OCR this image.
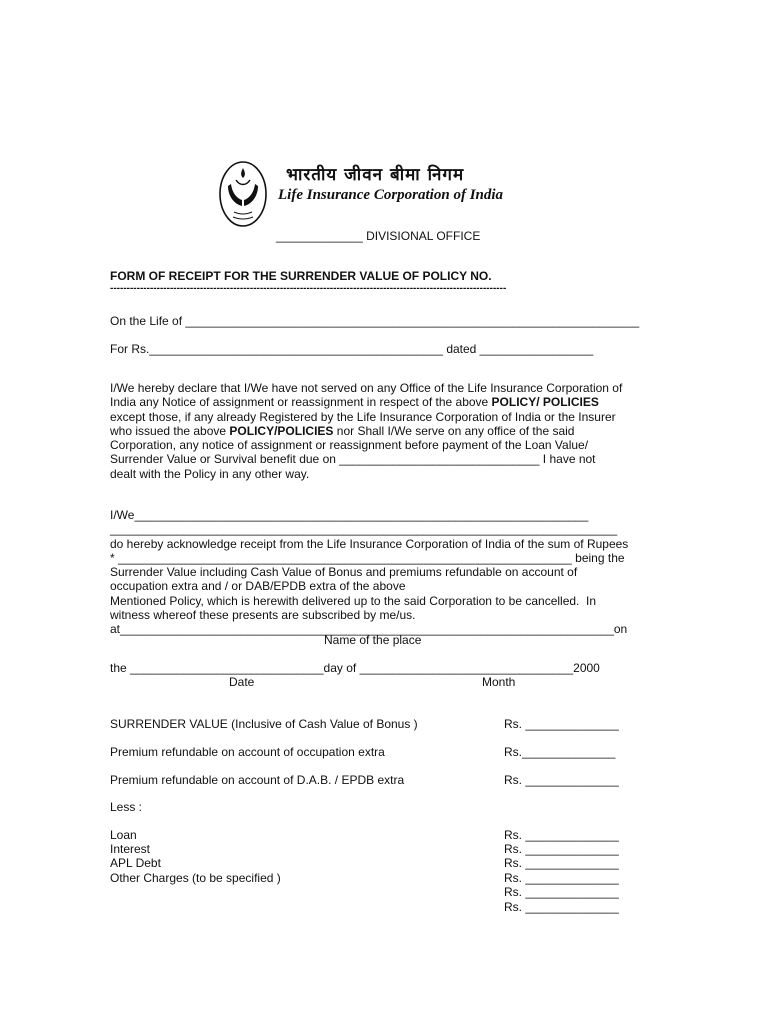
भारतीय जीवन बीमा निगम
Life Insurance Corporation of India
_____________ DIVISIONAL OFFICE
FORM OF RECEIPT FOR THE SURRENDER VALUE OF POLICY NO.
-----------------------------------------------------------------------------------------------------------------------
On the Life of ____________________________________________________________________
For Rs.____________________________________________ dated _________________
I/We hereby declare that I/We have not served on any Office of the Life Insurance Corporation of
India any Notice of assignment or reassignment in respect of the above POLICY/ POLICIES
except those, if any already Registered by the Life Insurance Corporation of India or the Insurer
who issued the above POLICY/POLICIES nor Shall I/We serve on any office of the said
Corporation, any notice of assignment or reassignment before payment of the Loan Value/
Surrender Value or Survival benefit due on ______________________________ I have not
dealt with the Policy in any other way.
I/We____________________________________________________________________
____________________________________________________________________________
do hereby acknowledge receipt from the Life Insurance Corporation of India of the sum of Rupees
* ____________________________________________________________________ being the
Surrender Value including Cash Value of Bonus and premiums refundable on account of
occupation extra and / or DAB/EPDB extra of the above
Mentioned Policy, which is herewith delivered up to the said Corporation to be cancelled.  In
witness whereof these presents are subscribed by me/us.
at__________________________________________________________________________on
Name of the place
the _____________________________day of ________________________________2000
Date	Month
SURRENDER VALUE (Inclusive of Cash Value of Bonus )	Rs. ______________
Premium refundable on account of occupation extra	Rs.______________
Premium refundable on account of D.A.B. / EPDB extra	Rs. ______________
Less :
Loan	Rs. ______________
Interest	Rs. ______________
APL Debt	Rs. ______________
Other Charges (to be specified )	Rs. ______________
Rs. ______________
Rs. ______________
